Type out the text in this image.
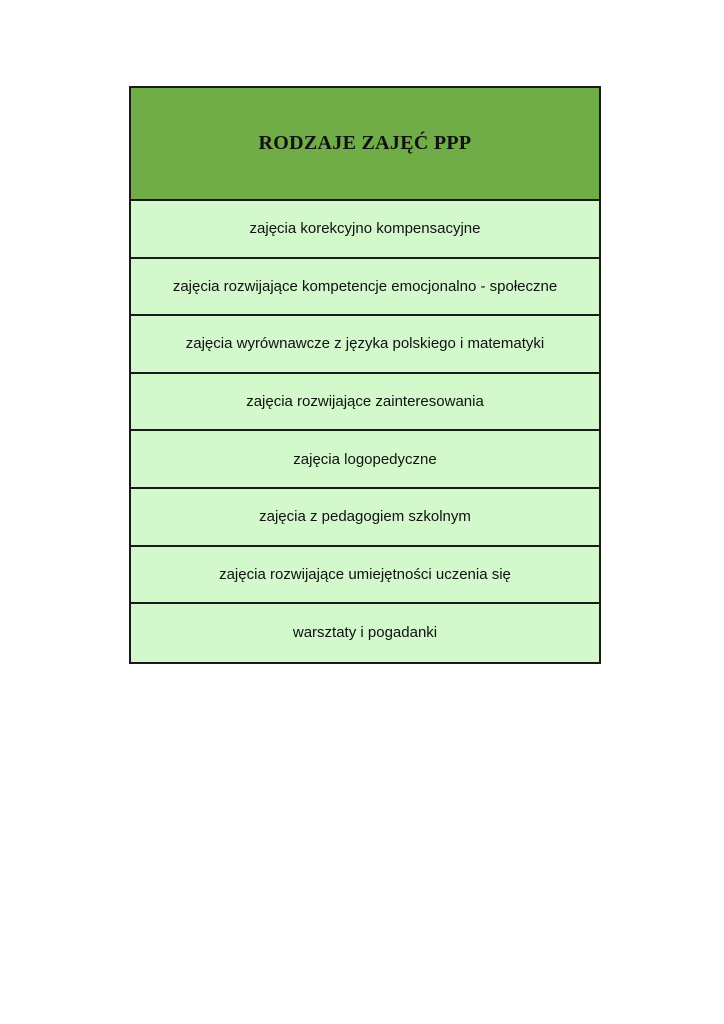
RODZAJE ZAJĘĆ PPP
zajęcia korekcyjno kompensacyjne
zajęcia rozwijające kompetencje emocjonalno - społeczne
zajęcia wyrównawcze z języka polskiego i matematyki
zajęcia rozwijające zainteresowania
zajęcia logopedyczne
zajęcia z pedagogiem szkolnym
zajęcia rozwijające umiejętności uczenia się
warsztaty i pogadanki
